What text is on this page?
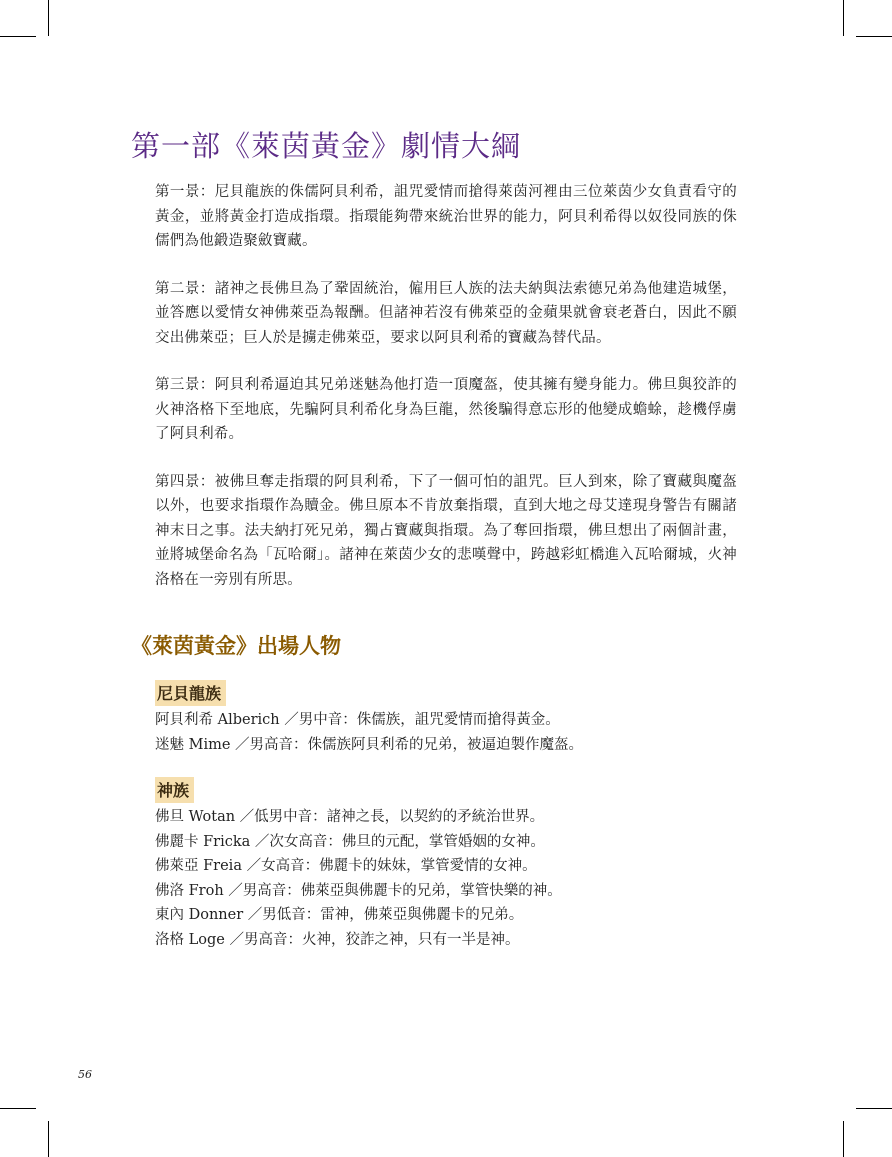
第一部《萊茵黃金》劇情大綱

第一景：尼貝龍族的侏儒阿貝利希，詛咒愛情而搶得萊茵河裡由三位萊茵少女負責看守的黃金，並將黃金打造成指環。指環能夠帶來統治世界的能力，阿貝利希得以奴役同族的侏儒們為他鍛造聚斂寶藏。

第二景：諸神之長佛旦為了鞏固統治，僱用巨人族的法夫納與法索德兄弟為他建造城堡，並答應以愛情女神佛萊亞為報酬。但諸神若沒有佛萊亞的金蘋果就會衰老蒼白，因此不願交出佛萊亞；巨人於是擄走佛萊亞，要求以阿貝利希的寶藏為替代品。

第三景：阿貝利希逼迫其兄弟迷魅為他打造一頂魔盔，使其擁有變身能力。佛旦與狡詐的火神洛格下至地底，先騙阿貝利希化身為巨龍，然後騙得意忘形的他變成蟾蜍，趁機俘虜了阿貝利希。

第四景：被佛旦奪走指環的阿貝利希，下了一個可怕的詛咒。巨人到來，除了寶藏與魔盔以外，也要求指環作為贖金。佛旦原本不肯放棄指環，直到大地之母艾達現身警告有關諸神末日之事。法夫納打死兄弟，獨占寶藏與指環。為了奪回指環，佛旦想出了兩個計畫，並將城堡命名為「瓦哈爾」。諸神在萊茵少女的悲嘆聲中，跨越彩虹橋進入瓦哈爾城，火神洛格在一旁別有所思。

《萊茵黃金》出場人物
尼貝龍族
阿貝利希 Alberich ／男中音：侏儒族，詛咒愛情而搶得黃金。
迷魅 Mime ／男高音：侏儒族阿貝利希的兄弟，被逼迫製作魔盔。
神族
佛旦 Wotan ／低男中音：諸神之長，以契約的矛統治世界。
佛麗卡 Fricka ／次女高音：佛旦的元配，掌管婚姻的女神。
佛萊亞 Freia ／女高音：佛麗卡的妹妹，掌管愛情的女神。
佛洛 Froh ／男高音：佛萊亞與佛麗卡的兄弟，掌管快樂的神。
東內 Donner ／男低音：雷神，佛萊亞與佛麗卡的兄弟。
洛格 Loge ／男高音：火神，狡詐之神，只有一半是神。
56
